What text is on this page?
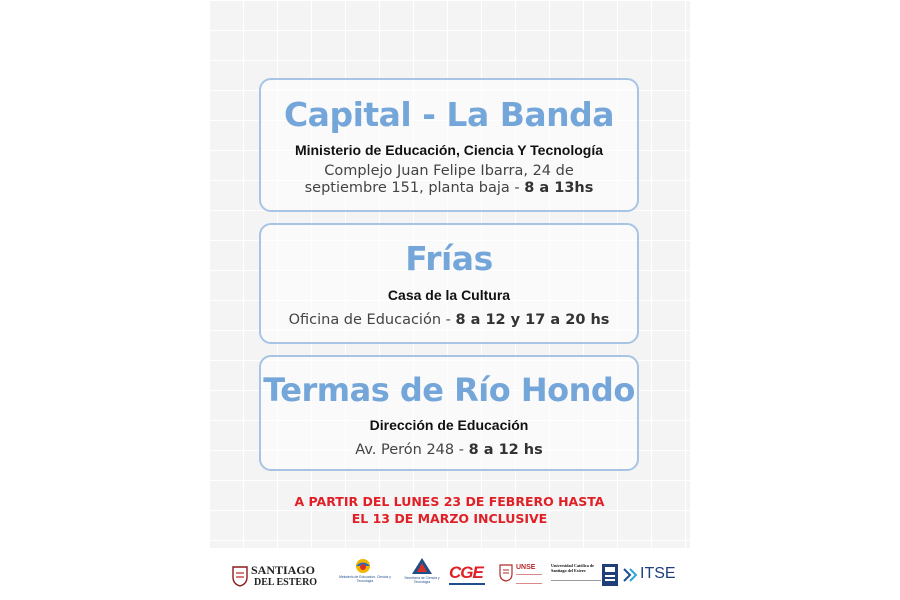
Capital - La Banda
Ministerio de Educación, Ciencia Y Tecnología
Complejo Juan Felipe Ibarra, 24 de septiembre 151, planta baja - 8 a 13hs
Frías
Casa de la Cultura
Oficina de Educación - 8 a 12 y 17 a 20 hs
Termas de Río Hondo
Dirección de Educación
Av. Perón 248 - 8 a 12 hs
A PARTIR DEL LUNES 23 DE FEBRERO HASTA
EL 13 DE MARZO INCLUSIVE
SANTIAGO
DEL ESTERO	Ministerio de Educación, Ciencia y Tecnología
Secretaría de Ciencia y Tecnología
CGE	UNSE	Universidad Católica de Santiago del Estero	ITSE
